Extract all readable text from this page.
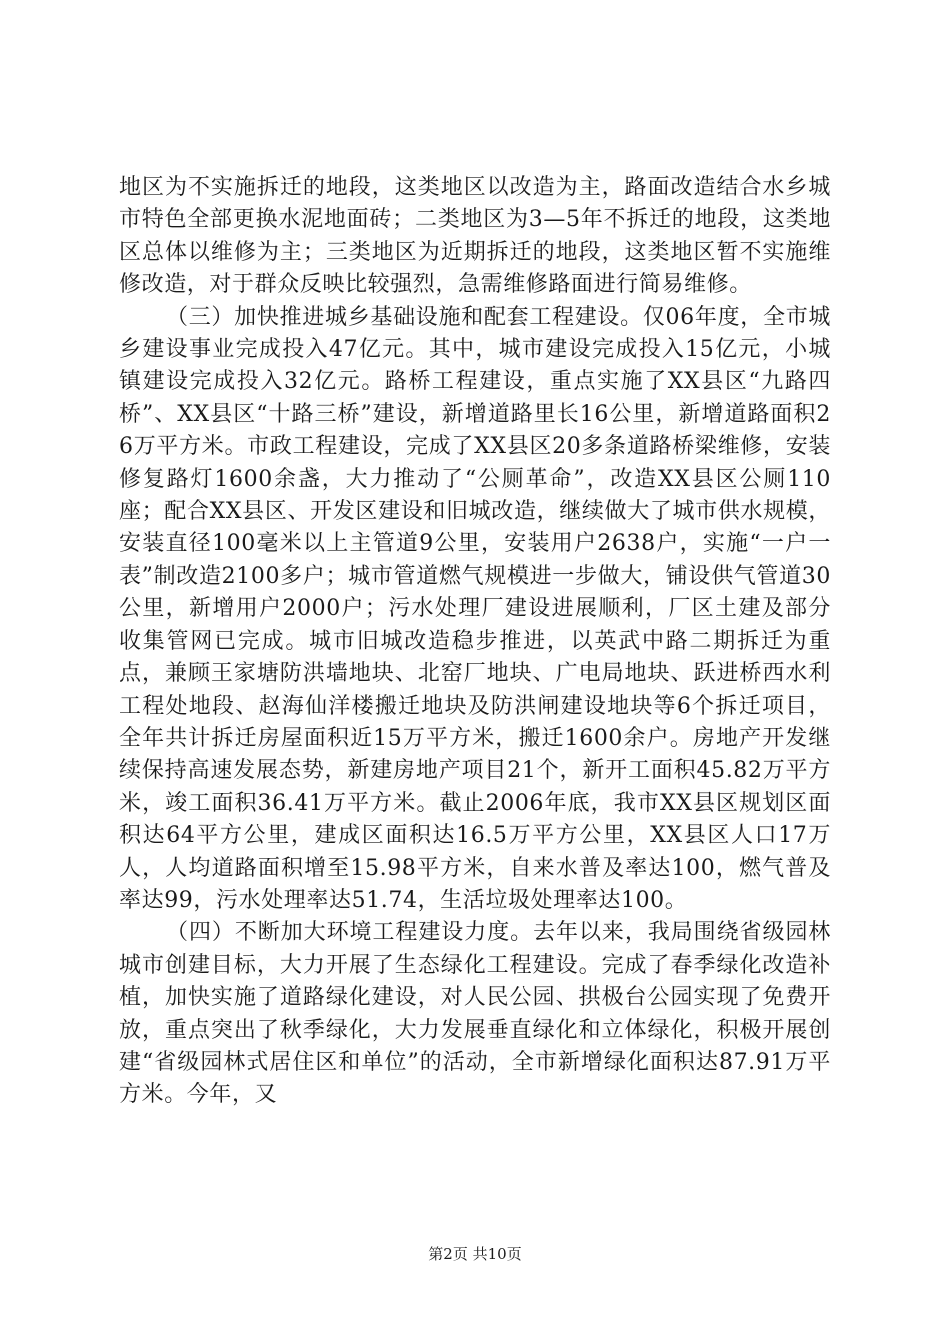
地区为不实施拆迁的地段，这类地区以改造为主，路面改造结合水乡城市特色全部更换水泥地面砖；二类地区为3—5年不拆迁的地段，这类地区总体以维修为主；三类地区为近期拆迁的地段，这类地区暂不实施维修改造，对于群众反映比较强烈，急需维修路面进行简易维修。

（三）加快推进城乡基础设施和配套工程建设。仅06年度，全市城乡建设事业完成投入47亿元。其中，城市建设完成投入15亿元，小城镇建设完成投入32亿元。路桥工程建设，重点实施了XX县区“九路四桥”、XX县区“十路三桥”建设，新增道路里长16公里，新增道路面积26万平方米。市政工程建设，完成了XX县区20多条道路桥梁维修，安装修复路灯1600余盏，大力推动了“公厕革命”，改造XX县区公厕110座；配合XX县区、开发区建设和旧城改造，继续做大了城市供水规模，安装直径100毫米以上主管道9公里，安装用户2638户，实施“一户一表”制改造2100多户；城市管道燃气规模进一步做大，铺设供气管道30公里，新增用户2000户；污水处理厂建设进展顺利，厂区土建及部分收集管网已完成。城市旧城改造稳步推进，以英武中路二期拆迁为重点，兼顾王家塘防洪墙地块、北窑厂地块、广电局地块、跃进桥西水利工程处地段、赵海仙洋楼搬迁地块及防洪闸建设地块等6个拆迁项目，全年共计拆迁房屋面积近15万平方米，搬迁1600余户。房地产开发继续保持高速发展态势，新建房地产项目21个，新开工面积45.82万平方米，竣工面积36.41万平方米。截止2006年底，我市XX县区规划区面积达64平方公里，建成区面积达16.5万平方公里，XX县区人口17万人，人均道路面积增至15.98平方米，自来水普及率达100，燃气普及率达99，污水处理率达51.74，生活垃圾处理率达100。

（四）不断加大环境工程建设力度。去年以来，我局围绕省级园林城市创建目标，大力开展了生态绿化工程建设。完成了春季绿化改造补植，加快实施了道路绿化建设，对人民公园、拱极台公园实现了免费开放，重点突出了秋季绿化，大力发展垂直绿化和立体绿化，积极开展创建“省级园林式居住区和单位”的活动，全市新增绿化面积达87.91万平方米。今年，又

第2页 共10页
